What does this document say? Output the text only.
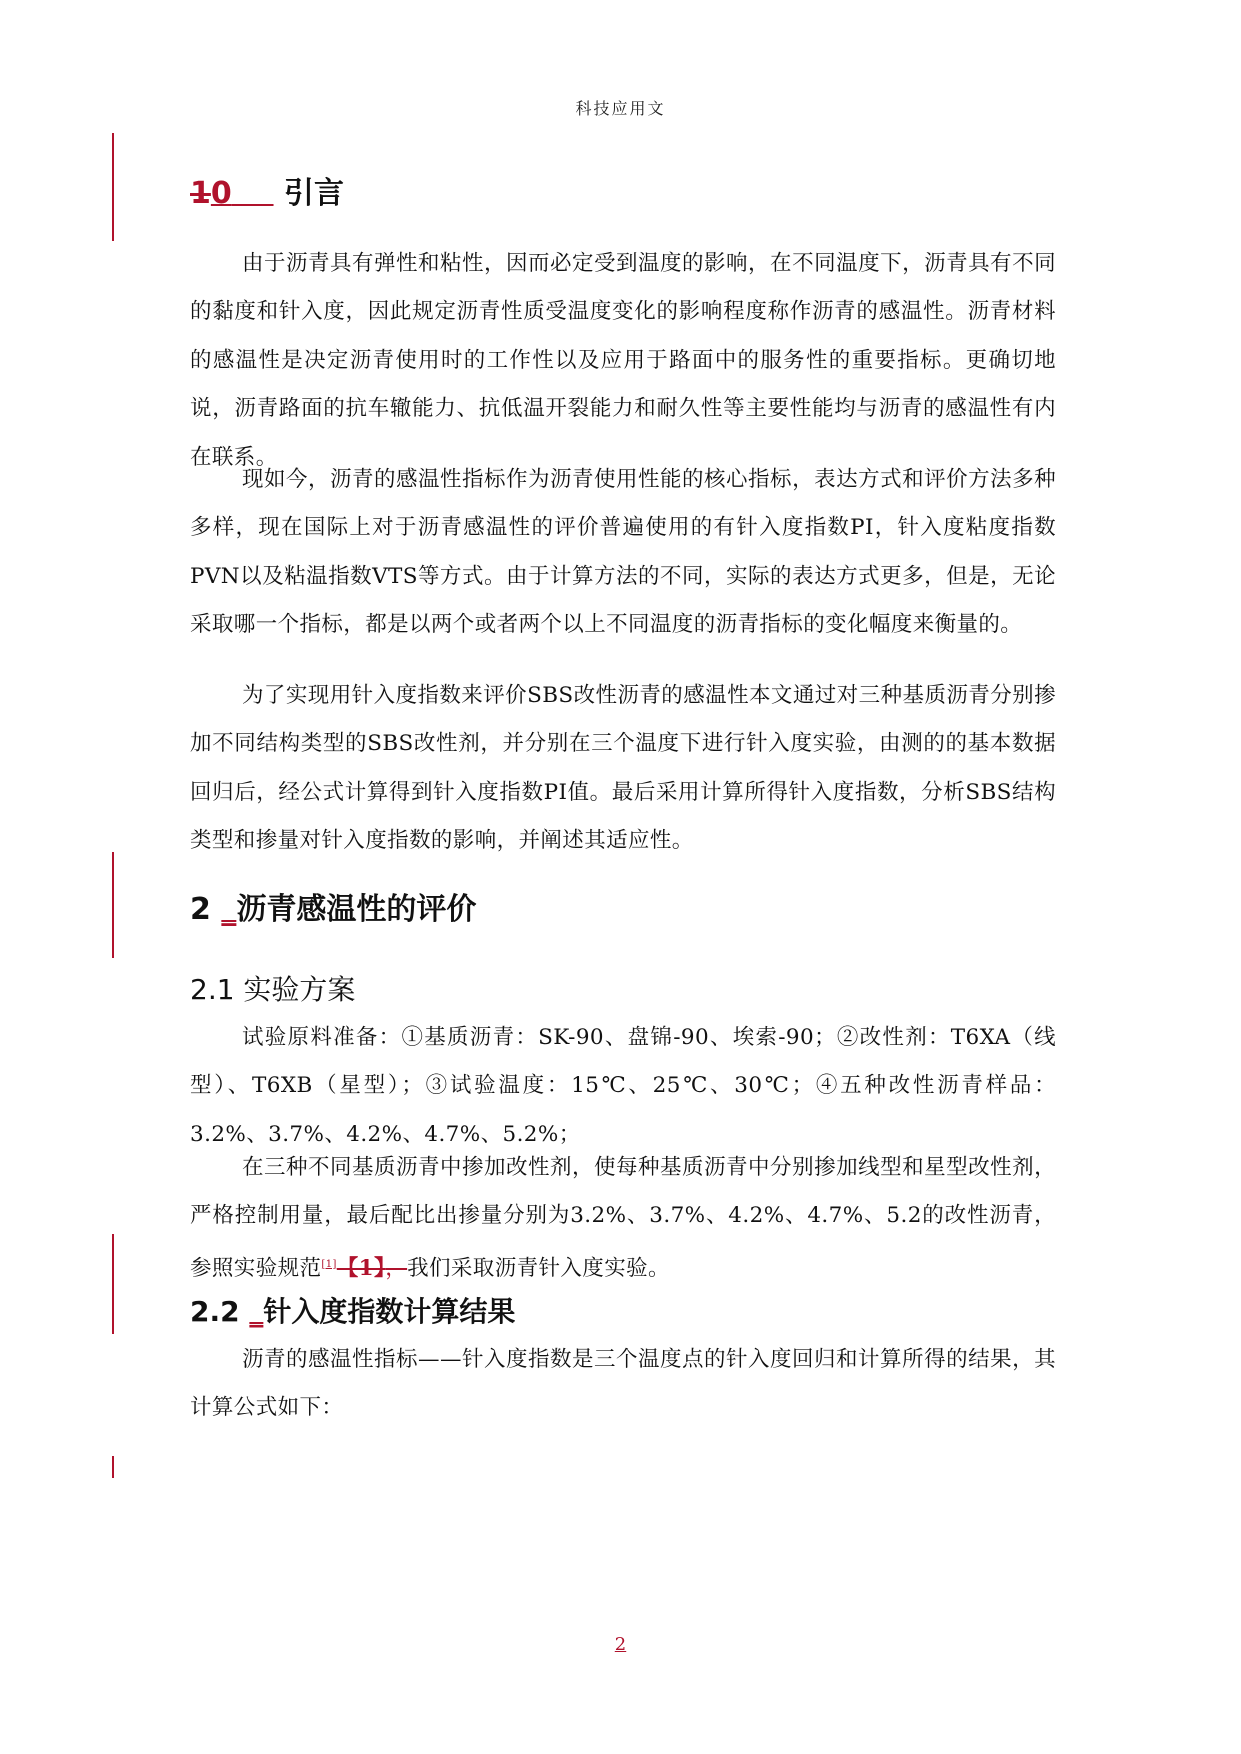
科技应用文
10 引言

由于沥青具有弹性和粘性，因而必定受到温度的影响，在不同温度下，沥青具有不同的黏度和针入度，因此规定沥青性质受温度变化的影响程度称作沥青的感温性。沥青材料的感温性是决定沥青使用时的工作性以及应用于路面中的服务性的重要指标。更确切地说，沥青路面的抗车辙能力、抗低温开裂能力和耐久性等主要性能均与沥青的感温性有内在联系。

现如今，沥青的感温性指标作为沥青使用性能的核心指标，表达方式和评价方法多种多样，现在国际上对于沥青感温性的评价普遍使用的有针入度指数PI，针入度粘度指数PVN以及粘温指数VTS等方式。由于计算方法的不同，实际的表达方式更多，但是，无论采取哪一个指标，都是以两个或者两个以上不同温度的沥青指标的变化幅度来衡量的。

为了实现用针入度指数来评价SBS改性沥青的感温性本文通过对三种基质沥青分别掺加不同结构类型的SBS改性剂，并分别在三个温度下进行针入度实验，由测的的基本数据回归后，经公式计算得到针入度指数PI值。最后采用计算所得针入度指数，分析SBS结构类型和掺量对针入度指数的影响，并阐述其适应性。

2 _沥青感温性的评价
2.1 实验方案

试验原料准备：①基质沥青：SK-90、盘锦-90、埃索-90；②改性剂：T6XA（线型）、T6XB（星型）；③试验温度：15℃、25℃、30℃；④五种改性沥青样品：3.2%、3.7%、4.2%、4.7%、5.2%；

在三种不同基质沥青中掺加改性剂，使每种基质沥青中分别掺加线型和星型改性剂，严格控制用量，最后配比出掺量分别为3.2%、3.7%、4.2%、4.7%、5.2的改性沥青，参照实验规范[1]【1】，我们采取沥青针入度实验。

2.2 _针入度指数计算结果

沥青的感温性指标——针入度指数是三个温度点的针入度回归和计算所得的结果，其计算公式如下：

2
